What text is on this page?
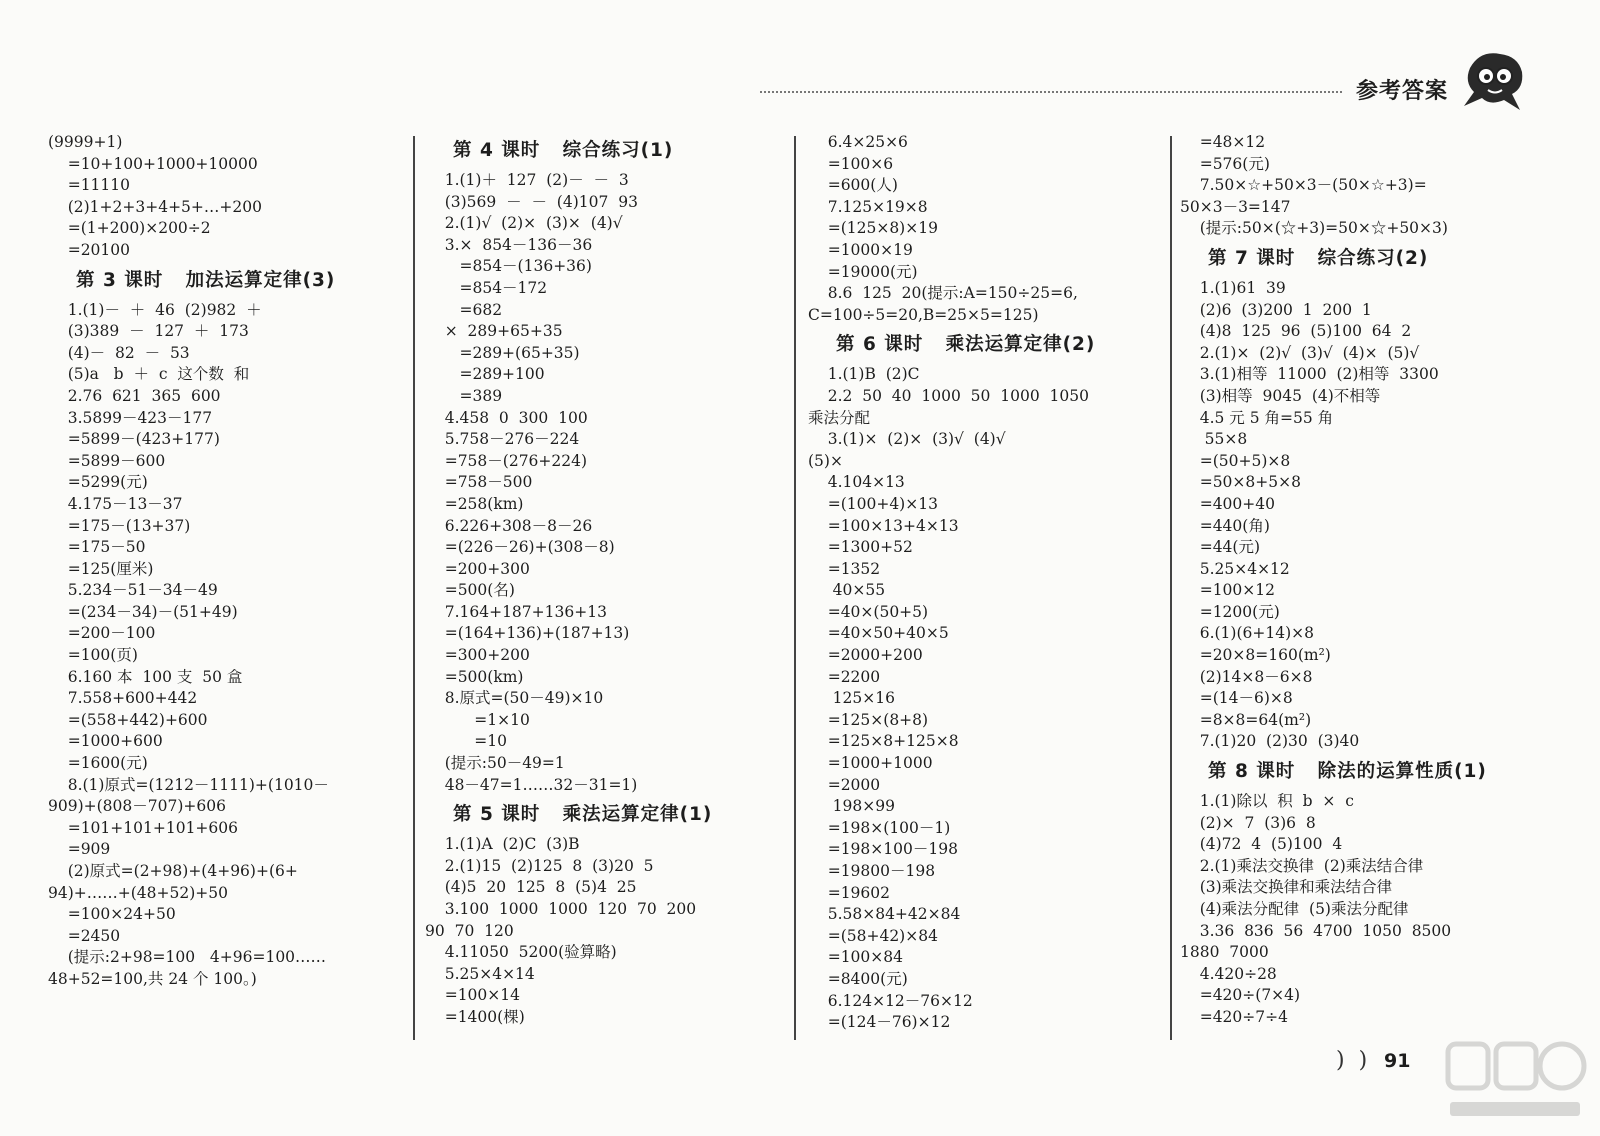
参考答案
(9999+1)
=10+100+1000+10000
=11110
(2)1+2+3+4+5+…+200
=(1+200)×200÷2
=20100
第 3 课时   加法运算定律(3)
1.(1)－  ＋  46  (2)982  ＋
(3)389  －  127  ＋  173
(4)－  82  －  53
(5)a   b  ＋  c  这个数  和
2.76  621  365  600
3.5899－423－177
=5899－(423+177)
=5899－600
=5299(元)
4.175－13－37
=175－(13+37)
=175－50
=125(厘米)
5.234－51－34－49
=(234－34)－(51+49)
=200－100
=100(页)
6.160 本  100 支  50 盒
7.558+600+442
=(558+442)+600
=1000+600
=1600(元)
8.(1)原式=(1212－1111)+(1010－
909)+(808－707)+606
=101+101+101+606
=909
(2)原式=(2+98)+(4+96)+(6+
94)+……+(48+52)+50
=100×24+50
=2450
(提示:2+98=100   4+96=100……
48+52=100,共 24 个 100。)
第 4 课时   综合练习(1)
1.(1)＋  127  (2)－  －  3
(3)569  －  －  (4)107  93
2.(1)√  (2)×  (3)×  (4)√
3.×  854－136－36
=854－(136+36)
=854－172
=682
×  289+65+35
=289+(65+35)
=289+100
=389
4.458  0  300  100
5.758－276－224
=758－(276+224)
=758－500
=258(km)
6.226+308－8－26
=(226－26)+(308－8)
=200+300
=500(名)
7.164+187+136+13
=(164+136)+(187+13)
=300+200
=500(km)
8.原式=(50－49)×10
=1×10
=10
(提示:50－49=1
48－47=1……32－31=1)
第 5 课时   乘法运算定律(1)
1.(1)A  (2)C  (3)B
2.(1)15  (2)125  8  (3)20  5
(4)5  20  125  8  (5)4  25
3.100  1000  1000  120  70  200
90  70  120
4.11050  5200(验算略)
5.25×4×14
=100×14
=1400(棵)
6.4×25×6
=100×6
=600(人)
7.125×19×8
=(125×8)×19
=1000×19
=19000(元)
8.6  125  20(提示:A=150÷25=6,
C=100÷5=20,B=25×5=125)
第 6 课时   乘法运算定律(2)
1.(1)B  (2)C
2.2  50  40  1000  50  1000  1050
乘法分配
3.(1)×  (2)×  (3)√  (4)√
(5)×
4.104×13
=(100+4)×13
=100×13+4×13
=1300+52
=1352
40×55
=40×(50+5)
=40×50+40×5
=2000+200
=2200
125×16
=125×(8+8)
=125×8+125×8
=1000+1000
=2000
198×99
=198×(100－1)
=198×100－198
=19800－198
=19602
5.58×84+42×84
=(58+42)×84
=100×84
=8400(元)
6.124×12－76×12
=(124－76)×12
=48×12
=576(元)
7.50×☆+50×3－(50×☆+3)=
50×3－3=147
(提示:50×(☆+3)=50×☆+50×3)
第 7 课时   综合练习(2)
1.(1)61  39
(2)6  (3)200  1  200  1
(4)8  125  96  (5)100  64  2
2.(1)×  (2)√  (3)√  (4)×  (5)√
3.(1)相等  11000  (2)相等  3300
(3)相等  9045  (4)不相等
4.5 元 5 角=55 角
55×8
=(50+5)×8
=50×8+5×8
=400+40
=440(角)
=44(元)
5.25×4×12
=100×12
=1200(元)
6.(1)(6+14)×8
=20×8=160(m²)
(2)14×8－6×8
=(14－6)×8
=8×8=64(m²)
7.(1)20  (2)30  (3)40
第 8 课时   除法的运算性质(1)
1.(1)除以  积  b  ×  c
(2)×  7  (3)6  8
(4)72  4  (5)100  4
2.(1)乘法交换律  (2)乘法结合律
(3)乘法交换律和乘法结合律
(4)乘法分配律  (5)乘法分配律
3.36  836  56  4700  1050  8500
1880  7000
4.420÷28
=420÷(7×4)
=420÷7÷4
)  ) 91
